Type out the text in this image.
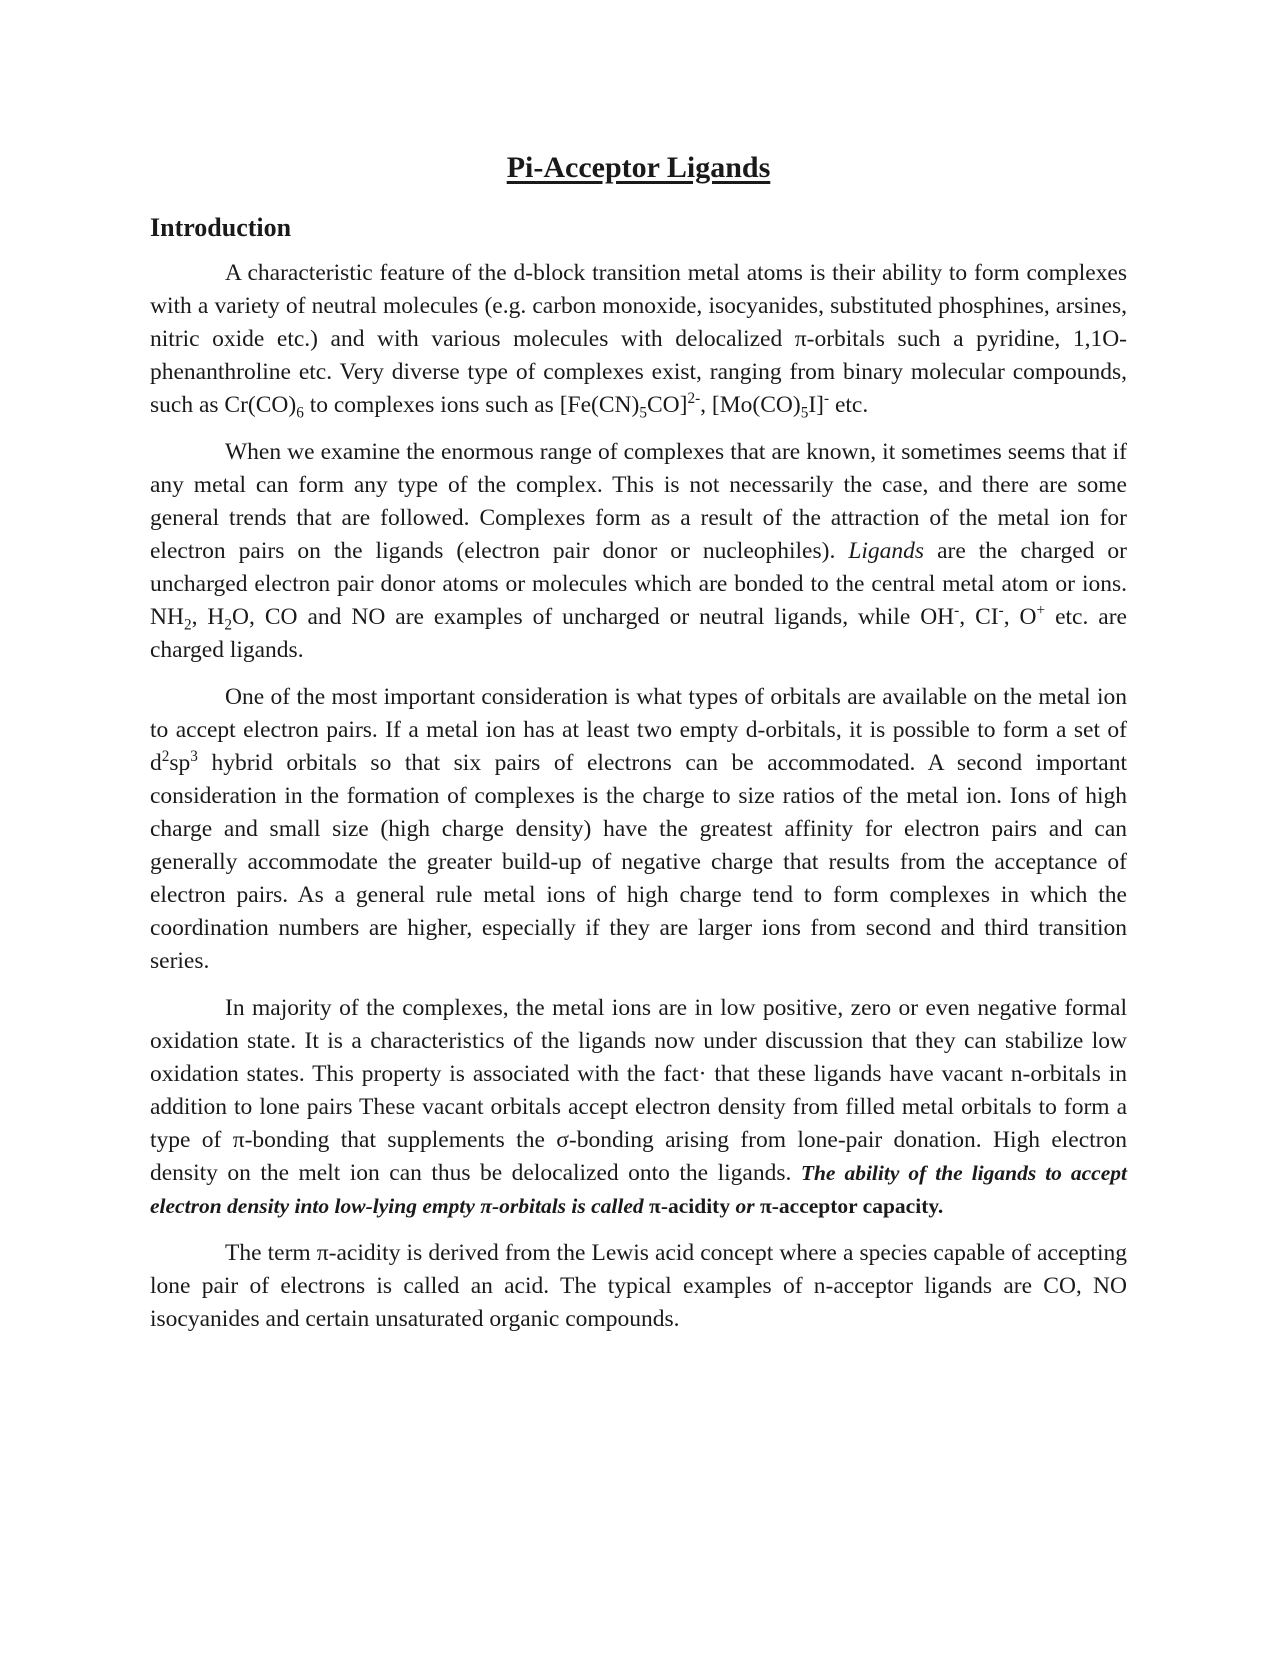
Pi-Acceptor Ligands
Introduction

A characteristic feature of the d-block transition metal atoms is their ability to form complexes with a variety of neutral molecules (e.g. carbon monoxide, isocyanides, substituted phosphines, arsines, nitric oxide etc.) and with various molecules with delocalized π-orbitals such a pyridine, 1,1O-phenanthroline etc. Very diverse type of complexes exist, ranging from binary molecular compounds, such as $Cr(CO)_6$ to complexes ions such as $[Fe(CN)_5CO]^{2-}$, $[Mo(CO)_5I]^-$ etc.

When we examine the enormous range of complexes that are known, it sometimes seems that if any metal can form any type of the complex. This is not necessarily the case, and there are some general trends that are followed. Complexes form as a result of the attraction of the metal ion for electron pairs on the ligands (electron pair donor or nucleophiles). Ligands are the charged or uncharged electron pair donor atoms or molecules which are bonded to the central metal atom or ions. $NH_2$, $H_2O$, CO and NO are examples of uncharged or neutral ligands, while OH-, CI-, O+ etc. are charged ligands.

One of the most important consideration is what types of orbitals are available on the metal ion to accept electron pairs. If a metal ion has at least two empty d-orbitals, it is possible to form a set of $d^2sp^3$ hybrid orbitals so that six pairs of electrons can be accommodated. A second important consideration in the formation of complexes is the charge to size ratios of the metal ion. Ions of high charge and small size (high charge density) have the greatest affinity for electron pairs and can generally accommodate the greater build-up of negative charge that results from the acceptance of electron pairs. As a general rule metal ions of high charge tend to form complexes in which the coordination numbers are higher, especially if they are larger ions from second and third transition series.

In majority of the complexes, the metal ions are in low positive, zero or even negative formal oxidation state. It is a characteristics of the ligands now under discussion that they can stabilize low oxidation states. This property is associated with the fact· that these ligands have vacant n-orbitals in addition to lone pairs These vacant orbitals accept electron density from filled metal orbitals to form a type of π-bonding that supplements the σ-bonding arising from lone-pair donation. High electron density on the melt ion can thus be delocalized onto the ligands. The ability of the ligands to accept electron density into low-lying empty π-orbitals is called π-acidity or π-acceptor capacity.

The term π-acidity is derived from the Lewis acid concept where a species capable of accepting lone pair of electrons is called an acid. The typical examples of n-acceptor ligands are CO, NO isocyanides and certain unsaturated organic compounds.
